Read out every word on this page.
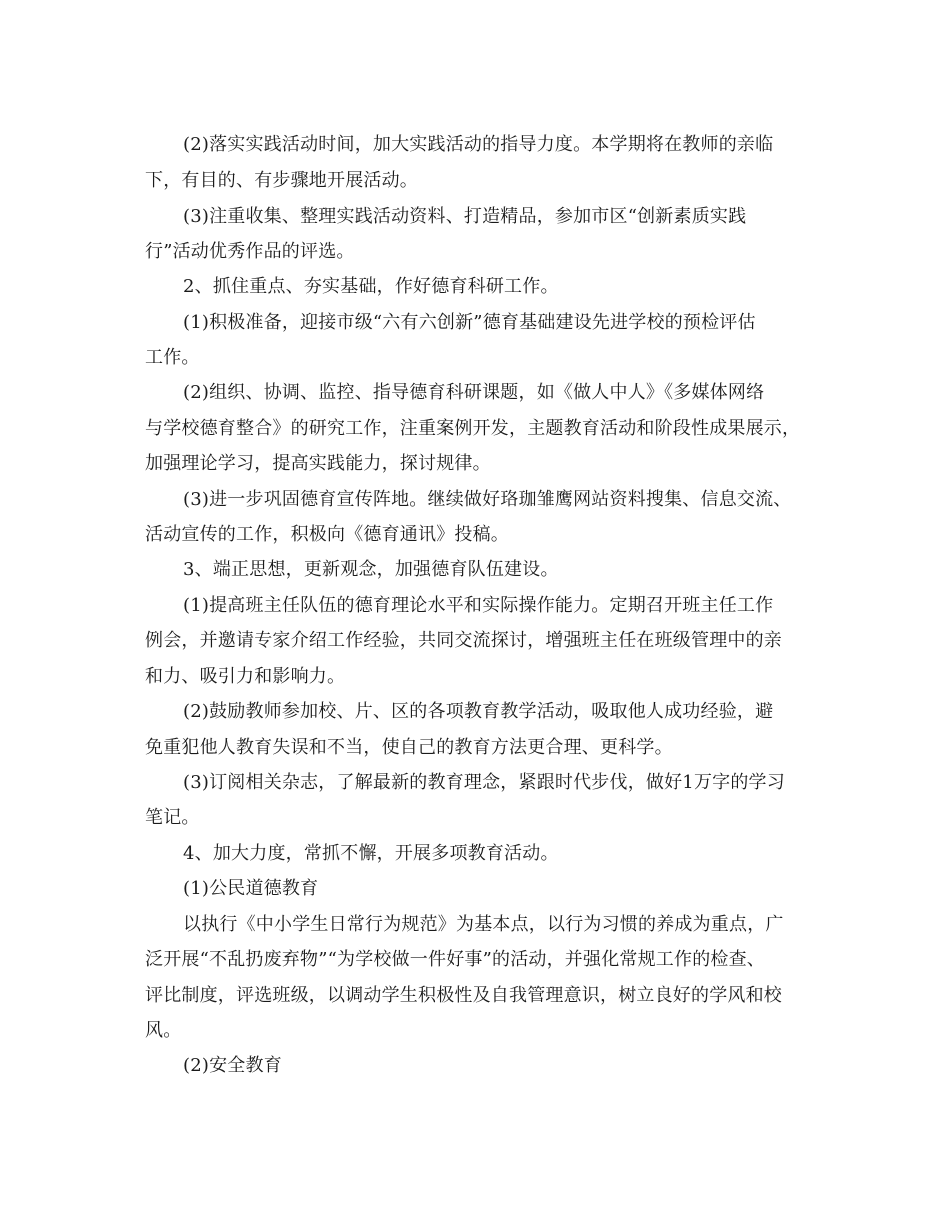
(2)落实实践活动时间，加大实践活动的指导力度。本学期将在教师的亲临
下，有目的、有步骤地开展活动。
(3)注重收集、整理实践活动资料、打造精品，参加市区“创新素质实践
行”活动优秀作品的评选。
2、抓住重点、夯实基础，作好德育科研工作。
(1)积极准备，迎接市级“六有六创新”德育基础建设先进学校的预检评估
工作。
(2)组织、协调、监控、指导德育科研课题，如《做人中人》《多媒体网络
与学校德育整合》的研究工作，注重案例开发，主题教育活动和阶段性成果展示，
加强理论学习，提高实践能力，探讨规律。
(3)进一步巩固德育宣传阵地。继续做好珞珈雏鹰网站资料搜集、信息交流、
活动宣传的工作，积极向《德育通讯》投稿。
3、端正思想，更新观念，加强德育队伍建设。
(1)提高班主任队伍的德育理论水平和实际操作能力。定期召开班主任工作
例会，并邀请专家介绍工作经验，共同交流探讨，增强班主任在班级管理中的亲
和力、吸引力和影响力。
(2)鼓励教师参加校、片、区的各项教育教学活动，吸取他人成功经验，避
免重犯他人教育失误和不当，使自己的教育方法更合理、更科学。
(3)订阅相关杂志，了解最新的教育理念，紧跟时代步伐，做好1万字的学习
笔记。
4、加大力度，常抓不懈，开展多项教育活动。
(1)公民道德教育
以执行《中小学生日常行为规范》为基本点，以行为习惯的养成为重点，广
泛开展“不乱扔废弃物”“为学校做一件好事”的活动，并强化常规工作的检查、
评比制度，评选班级，以调动学生积极性及自我管理意识，树立良好的学风和校
风。
(2)安全教育
